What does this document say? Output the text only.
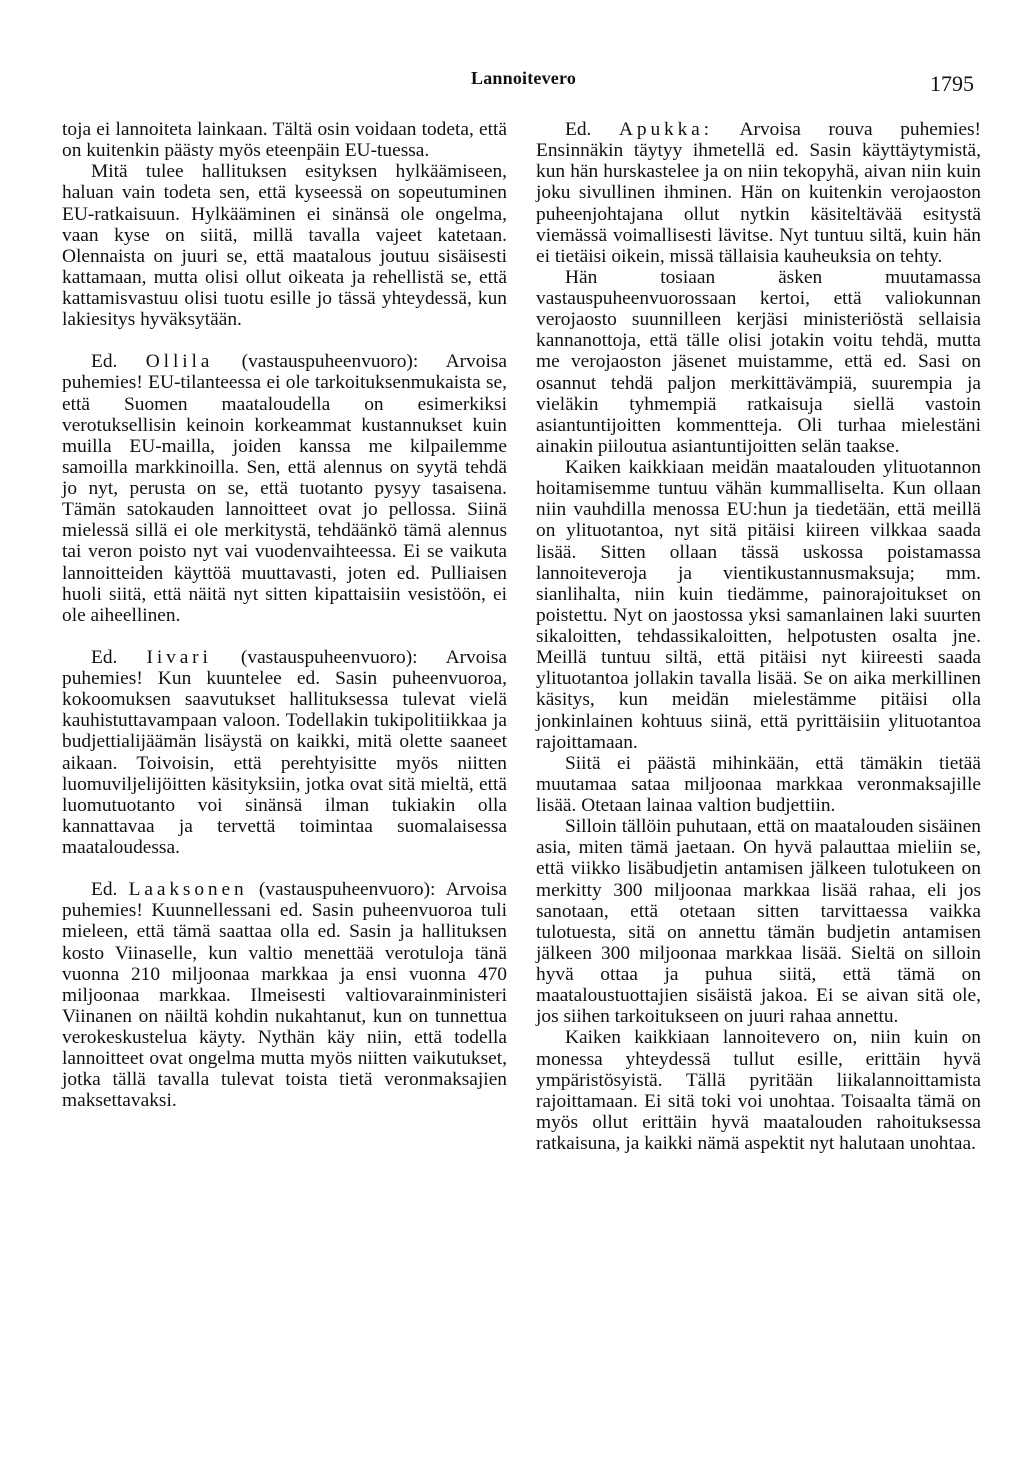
Lannoitevero	1795

toja ei lannoiteta lainkaan. Tältä osin voidaan todeta, että on kuitenkin päästy myös eteenpäin EU-tuessa.

Mitä tulee hallituksen esityksen hylkäämiseen, haluan vain todeta sen, että kyseessä on sopeutuminen EU-ratkaisuun. Hylkääminen ei sinänsä ole ongelma, vaan kyse on siitä, millä tavalla vajeet katetaan. Olennaista on juuri se, että maatalous joutuu sisäisesti kattamaan, mutta olisi ollut oikeata ja rehellistä se, että kattamisvastuu olisi tuotu esille jo tässä yhteydessä, kun lakiesitys hyväksytään.

Ed. Ollila (vastauspuheenvuoro): Arvoisa puhemies! EU-tilanteessa ei ole tarkoituksenmukaista se, että Suomen maataloudella on esimerkiksi verotuksellisin keinoin korkeammat kustannukset kuin muilla EU-mailla, joiden kanssa me kilpailemme samoilla markkinoilla. Sen, että alennus on syytä tehdä jo nyt, perusta on se, että tuotanto pysyy tasaisena. Tämän satokauden lannoitteet ovat jo pellossa. Siinä mielessä sillä ei ole merkitystä, tehdäänkö tämä alennus tai veron poisto nyt vai vuodenvaihteessa. Ei se vaikuta lannoitteiden käyttöä muuttavasti, joten ed. Pulliaisen huoli siitä, että näitä nyt sitten kipattaisiin vesistöön, ei ole aiheellinen.

Ed. Iivari (vastauspuheenvuoro): Arvoisa puhemies! Kun kuuntelee ed. Sasin puheenvuoroa, kokoomuksen saavutukset hallituksessa tulevat vielä kauhistuttavampaan valoon. Todellakin tukipolitiikkaa ja budjettialijäämän lisäystä on kaikki, mitä olette saaneet aikaan. Toivoisin, että perehtyisitte myös niitten luomuviljelijöitten käsityksiin, jotka ovat sitä mieltä, että luomutuotanto voi sinänsä ilman tukiakin olla kannattavaa ja tervettä toimintaa suomalaisessa maataloudessa.

Ed. Laaksonen (vastauspuheenvuoro): Arvoisa puhemies! Kuunnellessani ed. Sasin puheenvuoroa tuli mieleen, että tämä saattaa olla ed. Sasin ja hallituksen kosto Viinaselle, kun valtio menettää verotuloja tänä vuonna 210 miljoonaa markkaa ja ensi vuonna 470 miljoonaa markkaa. Ilmeisesti valtiovarainministeri Viinanen on näiltä kohdin nukahtanut, kun on tunnettua verokeskustelua käyty. Nythän käy niin, että todella lannoitteet ovat ongelma mutta myös niitten vaikutukset, jotka tällä tavalla tulevat toista tietä veronmaksajien maksettavaksi.

Ed. Apukka: Arvoisa rouva puhemies! Ensinnäkin täytyy ihmetellä ed. Sasin käyttäytymistä, kun hän hurskastelee ja on niin tekopyhä, aivan niin kuin joku sivullinen ihminen. Hän on kuitenkin verojaoston puheenjohtajana ollut nytkin käsiteltävää esitystä viemässä voimallisesti lävitse. Nyt tuntuu siltä, kuin hän ei tietäisi oikein, missä tällaisia kauheuksia on tehty.

Hän tosiaan äsken muutamassa vastauspuheenvuorossaan kertoi, että valiokunnan verojaosto suunnilleen kerjäsi ministeriöstä sellaisia kannanottoja, että tälle olisi jotakin voitu tehdä, mutta me verojaoston jäsenet muistamme, että ed. Sasi on osannut tehdä paljon merkittävämpiä, suurempia ja vieläkin tyhmempiä ratkaisuja siellä vastoin asiantuntijoitten kommentteja. Oli turhaa mielestäni ainakin piiloutua asiantuntijoitten selän taakse.

Kaiken kaikkiaan meidän maatalouden ylituotannon hoitamisemme tuntuu vähän kummalliselta. Kun ollaan niin vauhdilla menossa EU:hun ja tiedetään, että meillä on ylituotantoa, nyt sitä pitäisi kiireen vilkkaa saada lisää. Sitten ollaan tässä uskossa poistamassa lannoiteveroja ja vientikustannusmaksuja; mm. sianlihalta, niin kuin tiedämme, painorajoitukset on poistettu. Nyt on jaostossa yksi samanlainen laki suurten sikaloitten, tehdassikaloitten, helpotusten osalta jne. Meillä tuntuu siltä, että pitäisi nyt kiireesti saada ylituotantoa jollakin tavalla lisää. Se on aika merkillinen käsitys, kun meidän mielestämme pitäisi olla jonkinlainen kohtuus siinä, että pyrittäisiin ylituotantoa rajoittamaan.

Siitä ei päästä mihinkään, että tämäkin tietää muutamaa sataa miljoonaa markkaa veronmaksajille lisää. Otetaan lainaa valtion budjettiin.

Silloin tällöin puhutaan, että on maatalouden sisäinen asia, miten tämä jaetaan. On hyvä palauttaa mieliin se, että viikko lisäbudjetin antamisen jälkeen tulotukeen on merkitty 300 miljoonaa markkaa lisää rahaa, eli jos sanotaan, että otetaan sitten tarvittaessa vaikka tulotuesta, sitä on annettu tämän budjetin antamisen jälkeen 300 miljoonaa markkaa lisää. Sieltä on silloin hyvä ottaa ja puhua siitä, että tämä on maataloustuottajien sisäistä jakoa. Ei se aivan sitä ole, jos siihen tarkoitukseen on juuri rahaa annettu.

Kaiken kaikkiaan lannoitevero on, niin kuin on monessa yhteydessä tullut esille, erittäin hyvä ympäristösyistä. Tällä pyritään liikalannoittamista rajoittamaan. Ei sitä toki voi unohtaa. Toisaalta tämä on myös ollut erittäin hyvä maatalouden rahoituksessa ratkaisuna, ja kaikki nämä aspektit nyt halutaan unohtaa.
